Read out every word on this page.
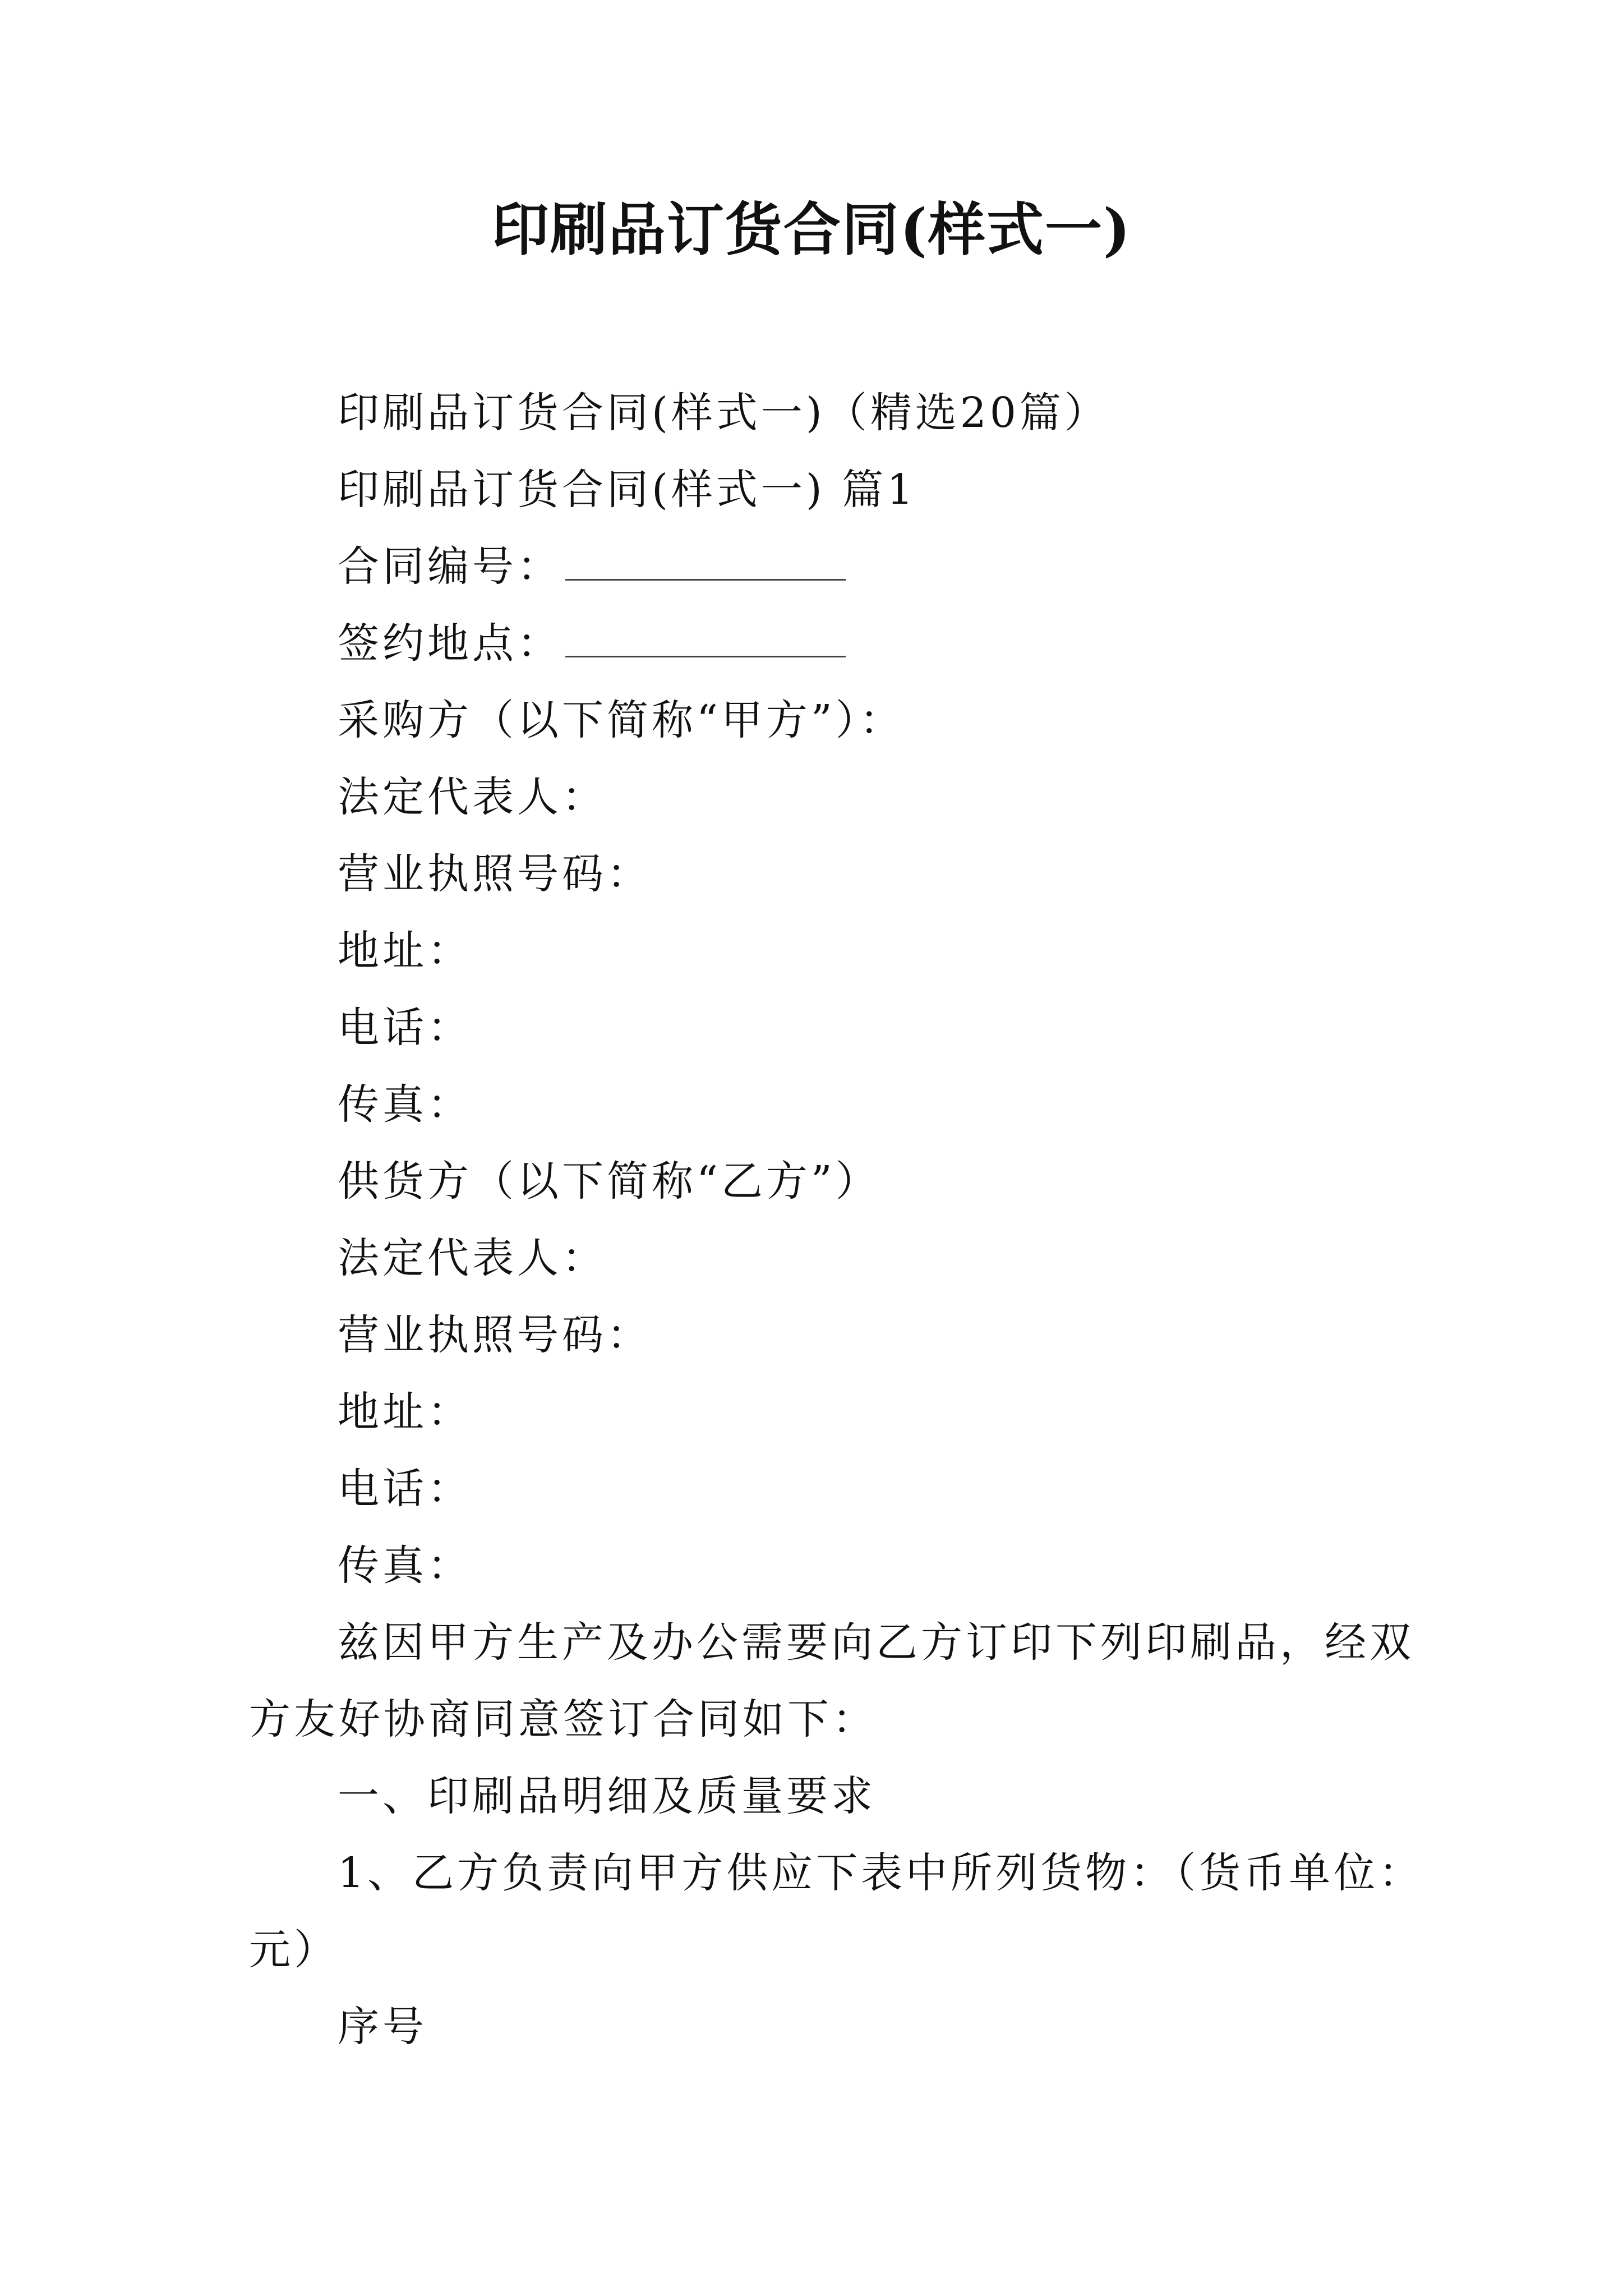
印刷品订货合同(样式一)
印刷品订货合同(样式一)（精选20篇）
印刷品订货合同(样式一) 篇1
合同编号：
签约地点：
采购方（以下简称“甲方”）：
法定代表人：
营业执照号码：
地址：
电话：
传真：
供货方（以下简称“乙方”）
法定代表人：
营业执照号码：
地址：
电话：
传真：
兹因甲方生产及办公需要向乙方订印下列印刷品，经双
方友好协商同意签订合同如下：
一、印刷品明细及质量要求
1、乙方负责向甲方供应下表中所列货物：（货币单位：
元）
序号
